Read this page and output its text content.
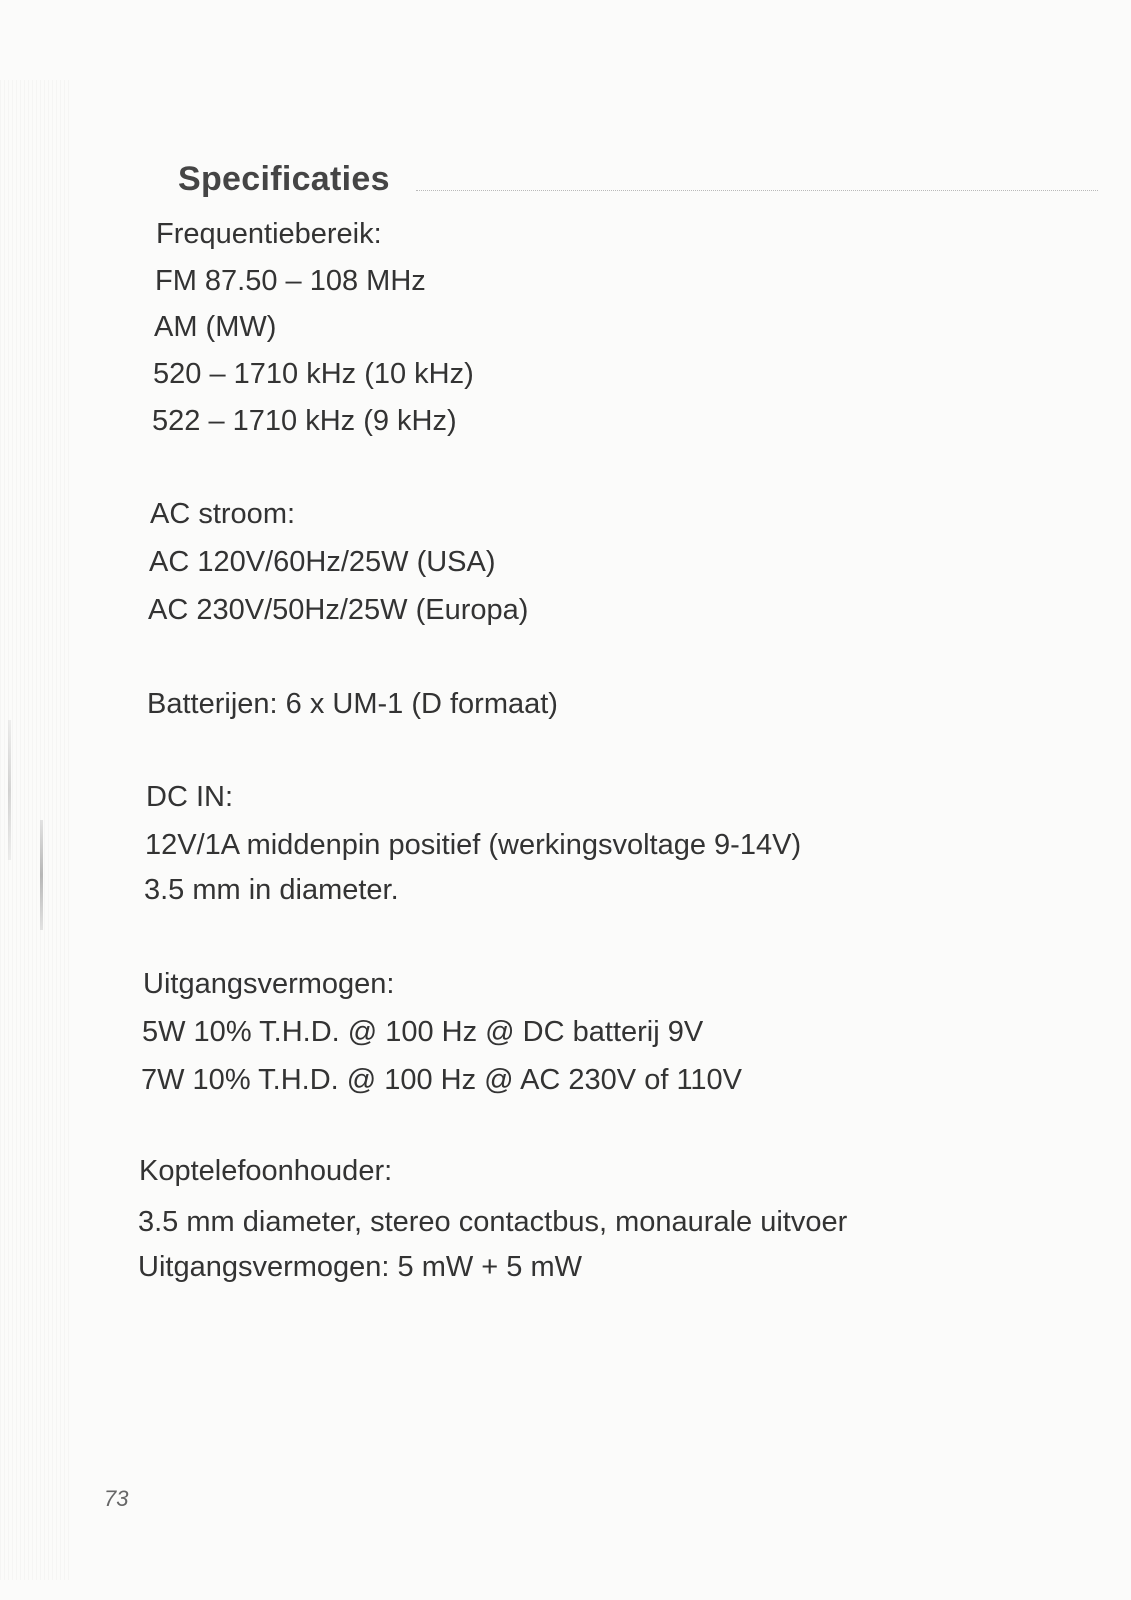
Specificaties
Frequentiebereik:
FM 87.50 – 108 MHz
AM (MW)
520 – 1710 kHz (10 kHz)
522 – 1710 kHz (9 kHz)
AC stroom:
AC 120V/60Hz/25W (USA)
AC 230V/50Hz/25W (Europa)
Batterijen: 6 x UM-1 (D formaat)
DC IN:
12V/1A middenpin positief (werkingsvoltage 9-14V)
3.5 mm in diameter.
Uitgangsvermogen:
5W 10% T.H.D. @ 100 Hz @ DC batterij 9V
7W 10% T.H.D. @ 100 Hz @ AC 230V of 110V
Koptelefoonhouder:
3.5 mm diameter, stereo contactbus, monaurale uitvoer
Uitgangsvermogen: 5 mW + 5 mW
73
